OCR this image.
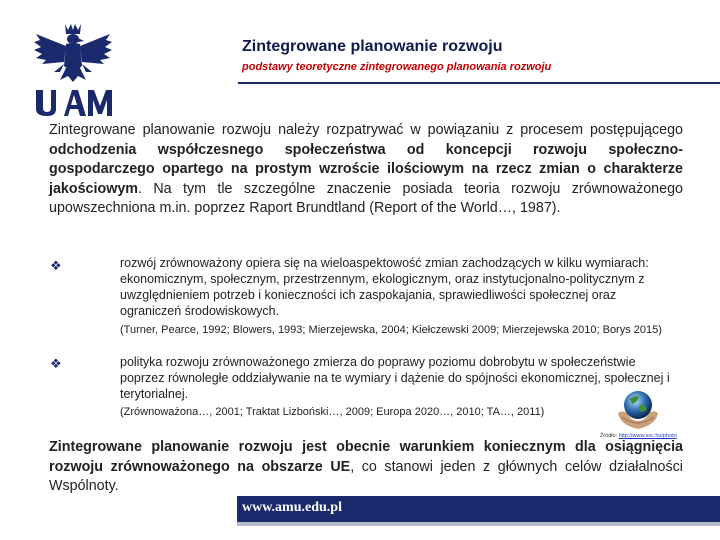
Zintegrowane planowanie rozwoju

podstawy teoretyczne zintegrowanego planowania rozwoju

Zintegrowane planowanie rozwoju należy rozpatrywać w powiązaniu z procesem postępującego odchodzenia współczesnego społeczeństwa od koncepcji rozwoju społeczno-gospodarczego opartego na prostym wzroście ilościowym na rzecz zmian o charakterze jakościowym. Na tym tle szczególne znaczenie posiada teoria rozwoju zrównoważonego upowszechniona m.in. poprzez Raport Brundtland (Report of the World…, 1987).

❖	rozwój zrównoważony opiera się na wieloaspektowość zmian zachodzących w kilku wymiarach: ekonomicznym, społecznym, przestrzennym, ekologicznym, oraz instytucjonalno-politycznym z uwzględnieniem potrzeb i konieczności ich zaspokajania, sprawiedliwości społecznej oraz ograniczeń środowiskowych.

(Turner, Pearce, 1992; Blowers, 1993; Mierzejewska, 2004; Kiełczewski 2009; Mierzejewska 2010; Borys 2015)

❖	polityka rozwoju zrównoważonego zmierza do poprawy poziomu dobrobytu w społeczeństwie poprzez równoległe oddziaływanie na te wymiary i dążenie do spójności ekonomicznej, społecznej i terytorialnej.

(Zrównoważona…, 2001; Traktat Lizboński…, 2009; Europa 2020…, 2010; TA…, 2011)

Źródło: http://www.sxc.hu/photo

Zintegrowane planowanie rozwoju jest obecnie warunkiem koniecznym dla osiągnięcia rozwoju zrównoważonego na obszarze UE, co stanowi jeden z głównych celów działalności Wspólnoty.

www.amu.edu.pl
